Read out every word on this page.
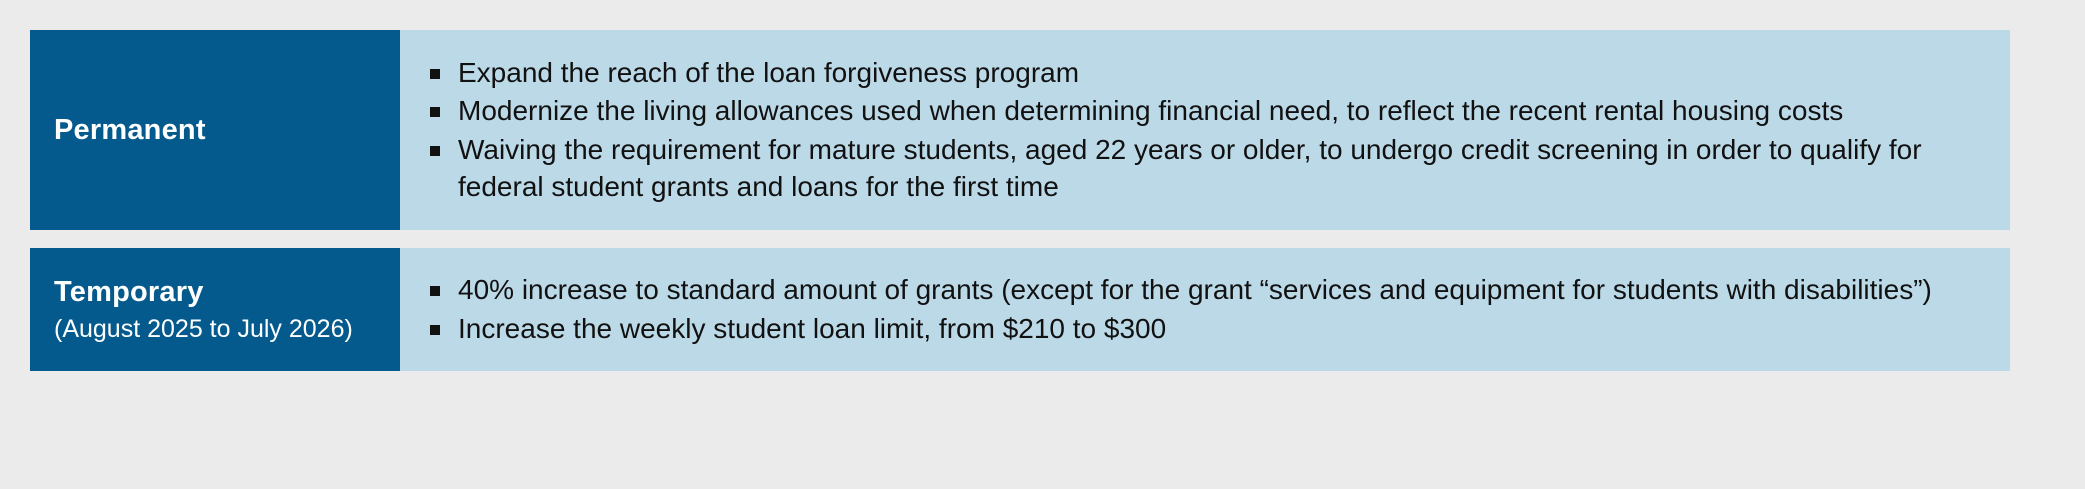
Permanent
Expand the reach of the loan forgiveness program
Modernize the living allowances used when determining financial need, to reflect the recent rental housing costs
Waiving the requirement for mature students, aged 22 years or older, to undergo credit screening in order to qualify for federal student grants and loans for the first time
Temporary
(August 2025 to July 2026)
40% increase to standard amount of grants (except for the grant “services and equipment for students with disabilities”)
Increase the weekly student loan limit, from $210 to $300
